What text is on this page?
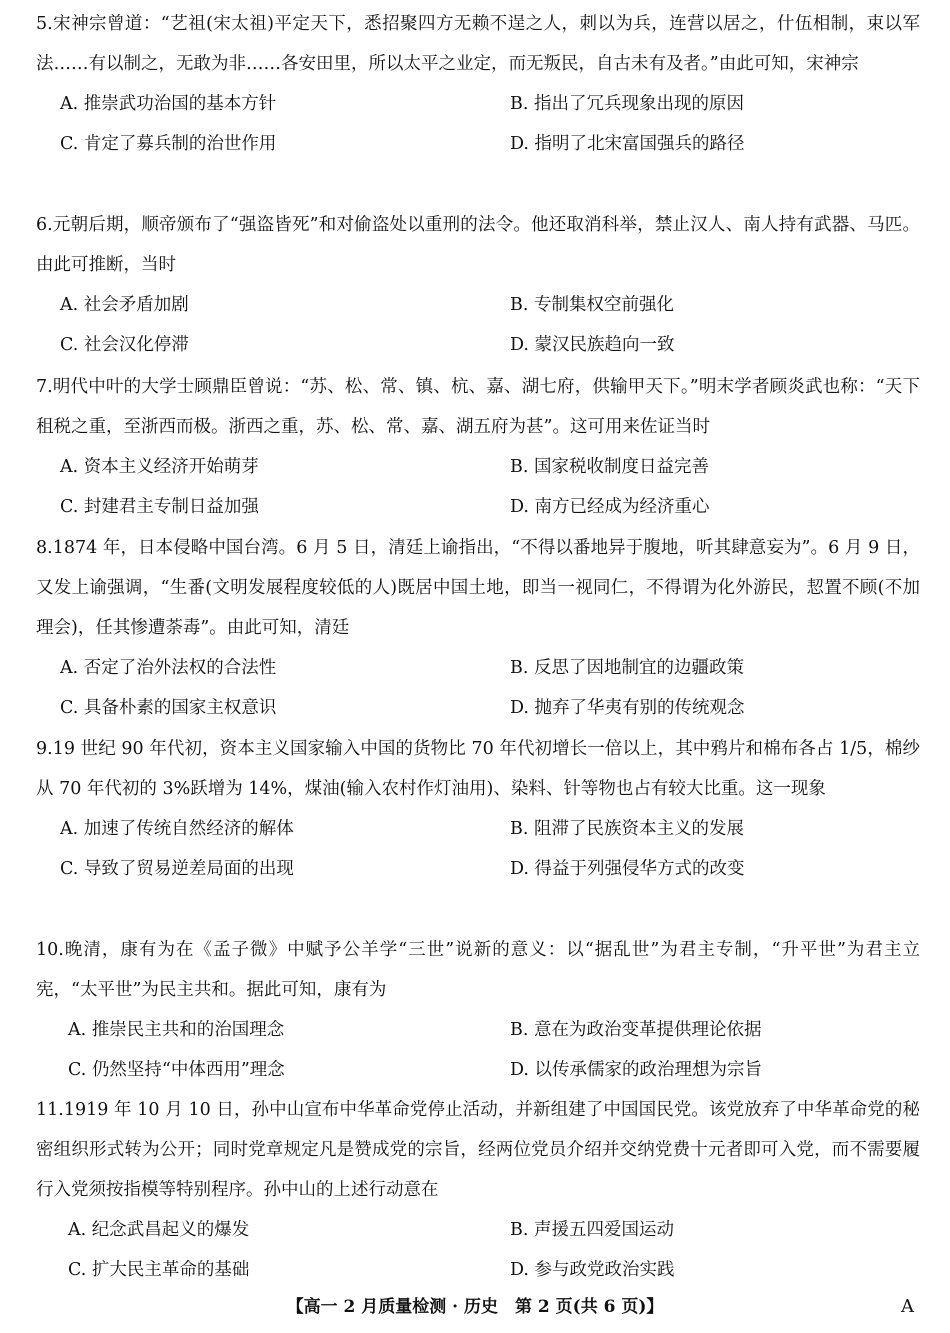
5.宋神宗曾道：“艺祖(宋太祖)平定天下，悉招聚四方无赖不逞之人，刺以为兵，连营以居之，什伍相制，束以军法……有以制之，无敢为非……各安田里，所以太平之业定，而无叛民，自古未有及者。”由此可知，宋神宗

A. 推崇武功治国的基本方针	B. 指出了冗兵现象出现的原因
C. 肯定了募兵制的治世作用	D. 指明了北宋富国强兵的路径

6.元朝后期，顺帝颁布了“强盗皆死”和对偷盗处以重刑的法令。他还取消科举，禁止汉人、南人持有武器、马匹。由此可推断，当时

A. 社会矛盾加剧	B. 专制集权空前强化
C. 社会汉化停滞	D. 蒙汉民族趋向一致

7.明代中叶的大学士顾鼎臣曾说：“苏、松、常、镇、杭、嘉、湖七府，供输甲天下。”明末学者顾炎武也称：“天下租税之重，至浙西而极。浙西之重，苏、松、常、嘉、湖五府为甚”。这可用来佐证当时

A. 资本主义经济开始萌芽	B. 国家税收制度日益完善
C. 封建君主专制日益加强	D. 南方已经成为经济重心

8.1874 年，日本侵略中国台湾。6 月 5 日，清廷上谕指出，“不得以番地异于腹地，听其肆意妄为”。6 月 9 日，又发上谕强调，“生番(文明发展程度较低的人)既居中国土地，即当一视同仁，不得谓为化外游民，恝置不顾(不加理会)，任其惨遭荼毒”。由此可知，清廷

A. 否定了治外法权的合法性	B. 反思了因地制宜的边疆政策
C. 具备朴素的国家主权意识	D. 抛弃了华夷有别的传统观念

9.19 世纪 90 年代初，资本主义国家输入中国的货物比 70 年代初增长一倍以上，其中鸦片和棉布各占 1/5，棉纱从 70 年代初的 3%跃增为 14%，煤油(输入农村作灯油用)、染料、针等物也占有较大比重。这一现象

A. 加速了传统自然经济的解体	B. 阻滞了民族资本主义的发展
C. 导致了贸易逆差局面的出现	D. 得益于列强侵华方式的改变

10.晚清，康有为在《孟子微》中赋予公羊学“三世”说新的意义：以“据乱世”为君主专制，“升平世”为君主立宪，“太平世”为民主共和。据此可知，康有为

A. 推崇民主共和的治国理念	B. 意在为政治变革提供理论依据
C. 仍然坚持“中体西用”理念	D. 以传承儒家的政治理想为宗旨

11.1919 年 10 月 10 日，孙中山宣布中华革命党停止活动，并新组建了中国国民党。该党放弃了中华革命党的秘密组织形式转为公开；同时党章规定凡是赞成党的宗旨，经两位党员介绍并交纳党费十元者即可入党，而不需要履行入党须按指模等特别程序。孙中山的上述行动意在

A. 纪念武昌起义的爆发	B. 声援五四爱国运动
C. 扩大民主革命的基础	D. 参与政党政治实践
【高一 2 月质量检测 · 历史　第 2 页(共 6 页)】	A
